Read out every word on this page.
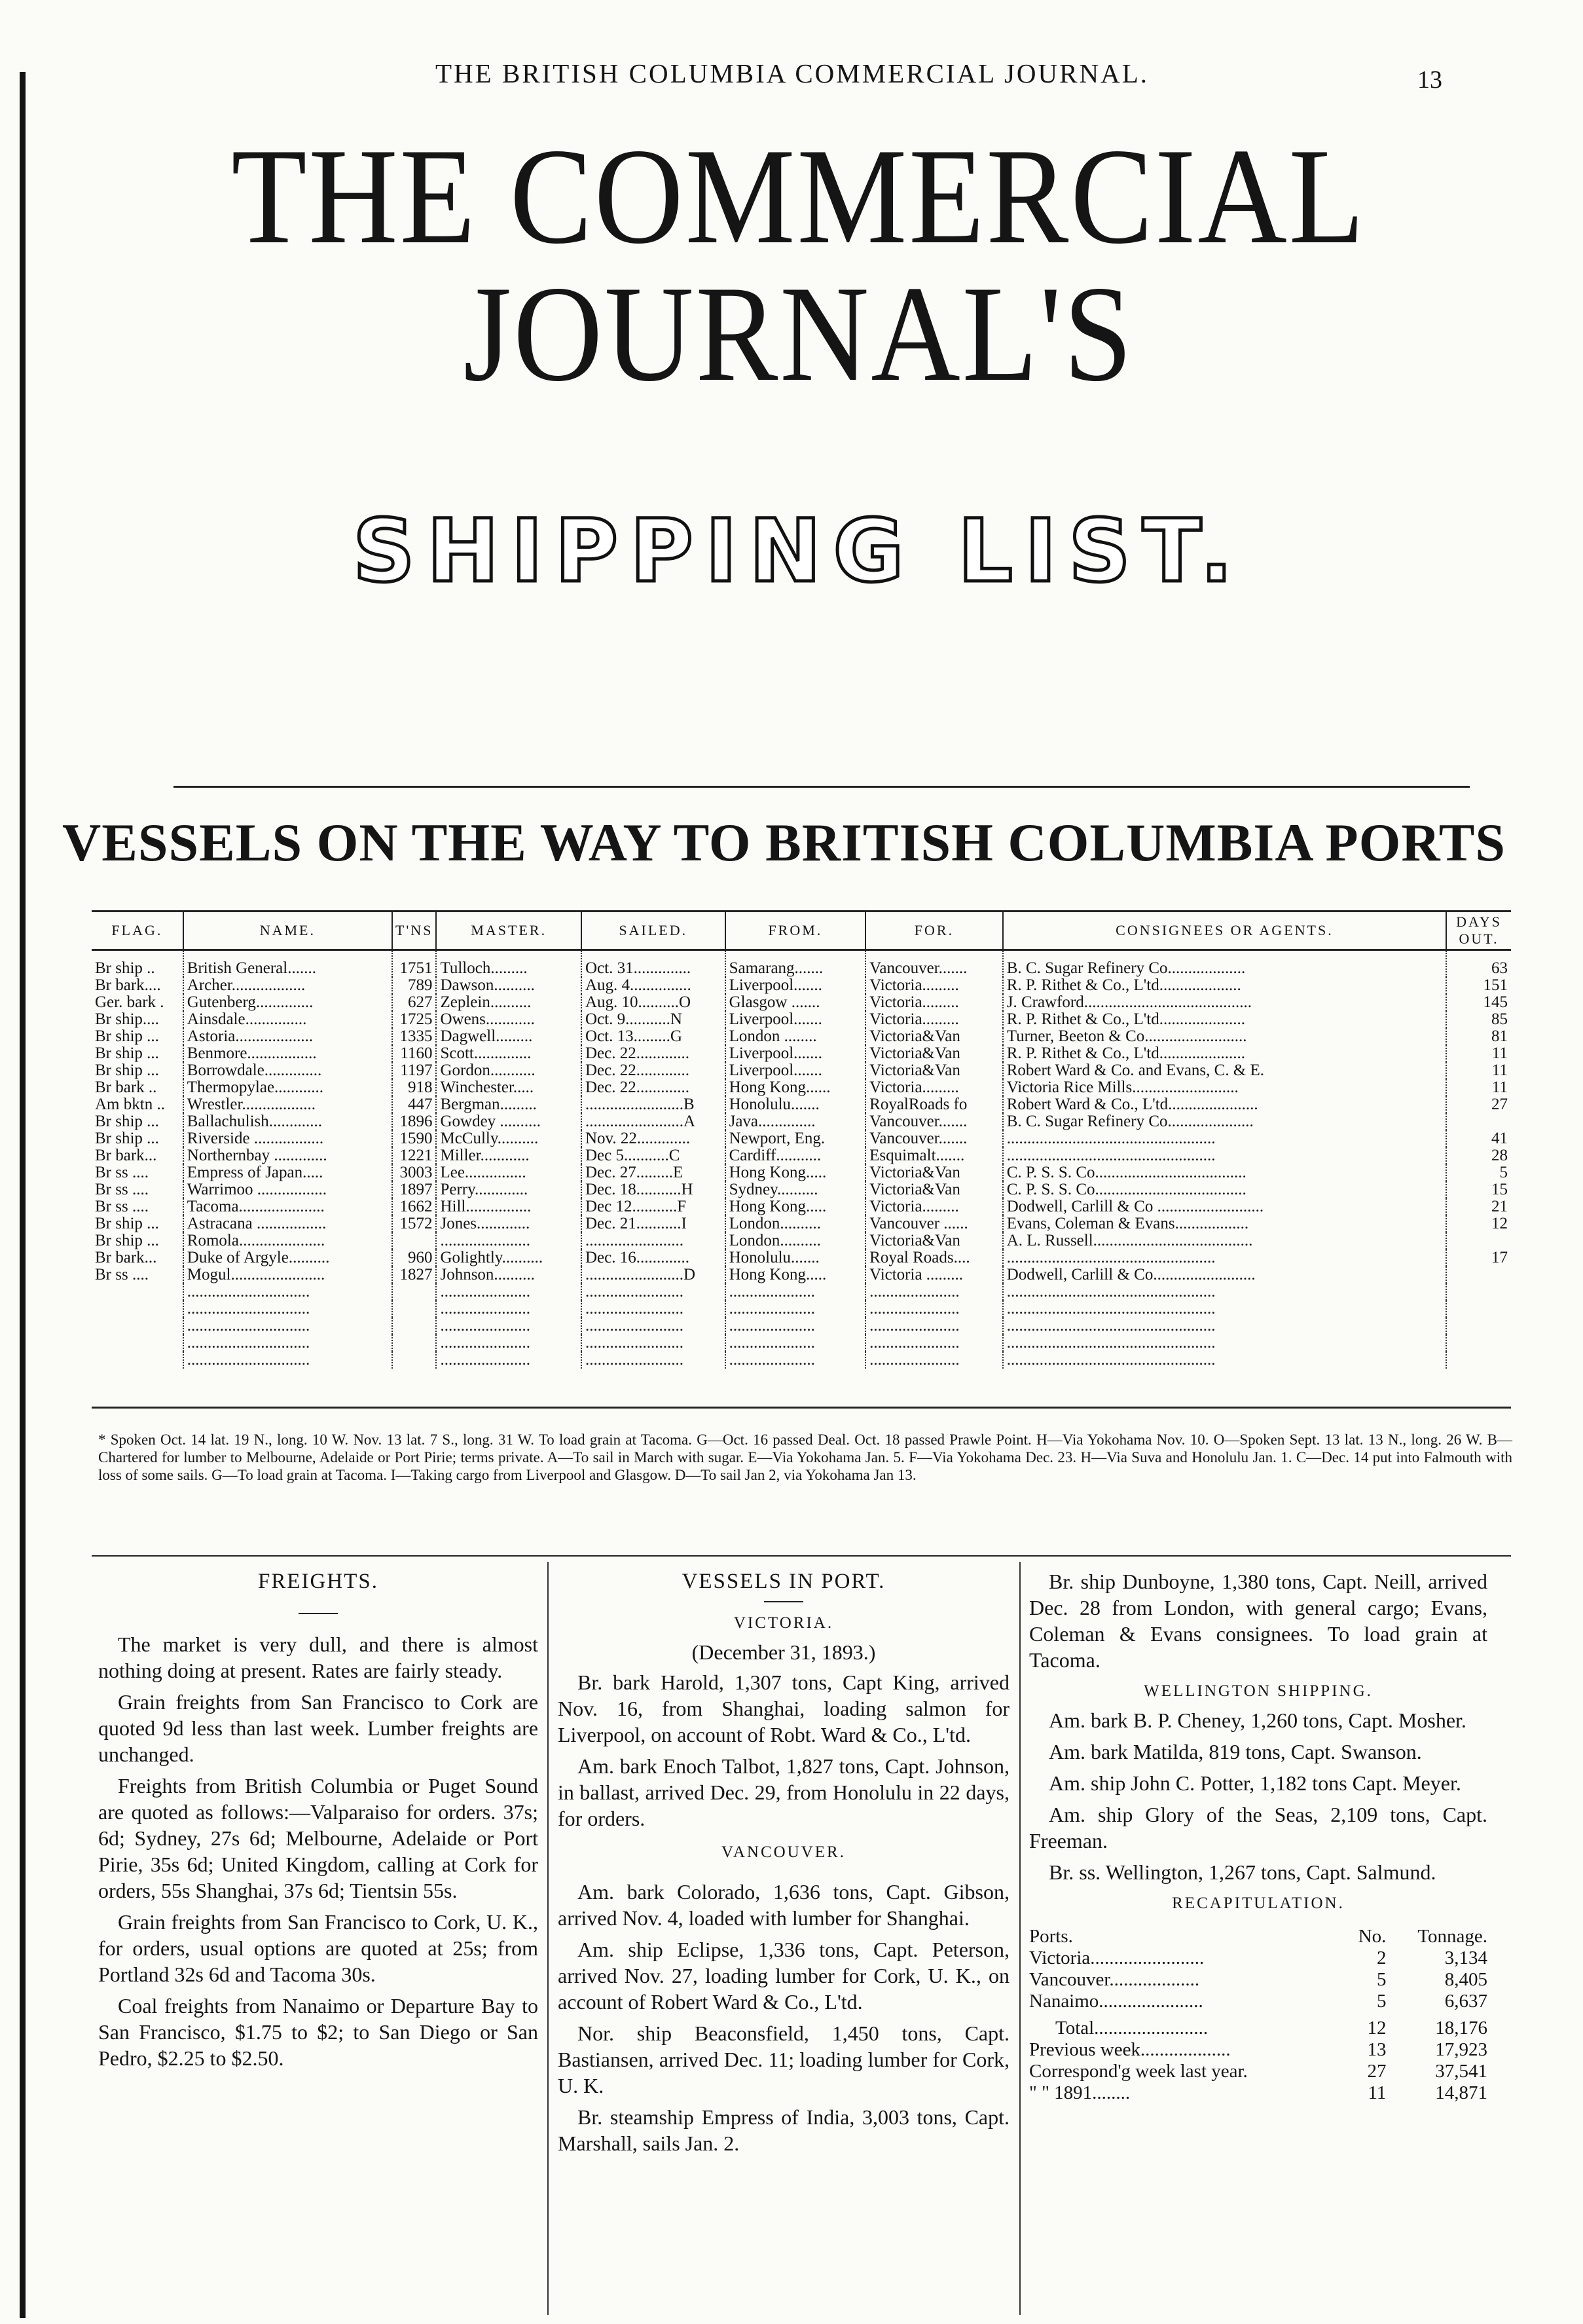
THE BRITISH COLUMBIA COMMERCIAL JOURNAL.	13
THE COMMERCIAL JOURNAL'S
SHIPPING LIST.
VESSELS ON THE WAY TO BRITISH COLUMBIA PORTS
FLAG.	NAME.	T'NS	MASTER.	SAILED.	FROM.	FOR.	CONSIGNEES OR AGENTS.	DAYS OUT.
Br ship ..	British General.......	1751	Tulloch.........	Oct. 31..............	Samarang.......	Vancouver.......	B. C. Sugar Refinery Co...................	63
Br bark....	Archer..................	789	Dawson..........	Aug. 4...............	Liverpool.......	Victoria.........	R. P. Rithet & Co., L'td....................	151
Ger. bark .	Gutenberg..............	627	Zeplein..........	Aug. 10..........O	Glasgow .......	Victoria.........	J. Crawford.........................................	145
Br ship....	Ainsdale...............	1725	Owens............	Oct. 9...........N	Liverpool.......	Victoria.........	R. P. Rithet & Co., L'td.....................	85
Br ship ...	Astoria...................	1335	Dagwell.........	Oct. 13.........G	London ........	Victoria&Van	Turner, Beeton & Co.........................	81
Br ship ...	Benmore.................	1160	Scott..............	Dec. 22.............	Liverpool.......	Victoria&Van	R. P. Rithet & Co., L'td.....................	11
Br ship ...	Borrowdale..............	1197	Gordon...........	Dec. 22.............	Liverpool.......	Victoria&Van	Robert Ward & Co. and Evans, C. & E.	11
Br bark ..	Thermopylae............	918	Winchester.....	Dec. 22.............	Hong Kong......	Victoria.........	Victoria Rice Mills..........................	11
Am bktn ..	Wrestler..................	447	Bergman.........	........................B	Honolulu.......	RoyalRoads fo	Robert Ward & Co., L'td......................	27
Br ship ...	Ballachulish.............	1896	Gowdey ..........	........................A	Java..............	Vancouver.......	B. C. Sugar Refinery Co.....................	
Br ship ...	Riverside .................	1590	McCully..........	Nov. 22.............	Newport, Eng.	Vancouver.......	...................................................	41
Br bark...	Northernbay .............	1221	Miller............	Dec 5...........C	Cardiff...........	Esquimalt.......	...................................................	28
Br ss ....	Empress of Japan.....	3003	Lee...............	Dec. 27.........E	Hong Kong.....	Victoria&Van	C. P. S. S. Co.....................................	5
Br ss ....	Warrimoo .................	1897	Perry.............	Dec. 18...........H	Sydney..........	Victoria&Van	C. P. S. S. Co.....................................	15
Br ss ....	Tacoma.....................	1662	Hill................	Dec 12...........F	Hong Kong.....	Victoria.........	Dodwell, Carlill & Co ..........................	21
Br ship ...	Astracana .................	1572	Jones.............	Dec. 21...........I	London..........	Vancouver ......	Evans, Coleman & Evans..................	12
Br ship ...	Romola.....................		......................	........................	London..........	Victoria&Van	A. L. Russell.......................................	
Br bark...	Duke of Argyle..........	960	Golightly..........	Dec. 16.............	Honolulu.......	Royal Roads....	...................................................	17
Br ss ....	Mogul.......................	1827	Johnson..........	........................D	Hong Kong.....	Victoria .........	Dodwell, Carlill & Co.........................	
	..............................		......................	........................	.....................	......................	...................................................	
	..............................		......................	........................	.....................	......................	...................................................	
	..............................		......................	........................	.....................	......................	...................................................	
	..............................		......................	........................	.....................	......................	...................................................	
	..............................		......................	........................	.....................	......................	...................................................	
* Spoken Oct. 14 lat. 19 N., long. 10 W. Nov. 13 lat. 7 S., long. 31 W. To load grain at Tacoma. G—Oct. 16 passed Deal. Oct. 18 passed Prawle Point. H—Via Yokohama Nov. 10. O—Spoken Sept. 13 lat. 13 N., long. 26 W. B—Chartered for lumber to Melbourne, Adelaide or Port Pirie; terms private. A—To sail in March with sugar. E—Via Yokohama Jan. 5. F—Via Yokohama Dec. 23. H—Via Suva and Honolulu Jan. 1. C—Dec. 14 put into Falmouth with loss of some sails. G—To load grain at Tacoma. I—Taking cargo from Liverpool and Glasgow. D—To sail Jan 2, via Yokohama Jan 13.
FREIGHTS.

The market is very dull, and there is almost nothing doing at present. Rates are fairly steady.

Grain freights from San Francisco to Cork are quoted 9d less than last week. Lumber freights are unchanged.

Freights from British Columbia or Puget Sound are quoted as follows:—Valparaiso for orders. 37s; 6d; Sydney, 27s 6d; Melbourne, Adelaide or Port Pirie, 35s 6d; United Kingdom, calling at Cork for orders, 55s Shanghai, 37s 6d; Tientsin 55s.

Grain freights from San Francisco to Cork, U. K., for orders, usual options are quoted at 25s; from Portland 32s 6d and Tacoma 30s.

Coal freights from Nanaimo or Departure Bay to San Francisco, $1.75 to $2; to San Diego or San Pedro, $2.25 to $2.50.

VESSELS IN PORT.
VICTORIA.
(December 31, 1893.)

Br. bark Harold, 1,307 tons, Capt King, arrived Nov. 16, from Shanghai, loading salmon for Liverpool, on account of Robt. Ward & Co., L'td.

Am. bark Enoch Talbot, 1,827 tons, Capt. Johnson, in ballast, arrived Dec. 29, from Honolulu in 22 days, for orders.

VANCOUVER.

Am. bark Colorado, 1,636 tons, Capt. Gibson, arrived Nov. 4, loaded with lumber for Shanghai.

Am. ship Eclipse, 1,336 tons, Capt. Peterson, arrived Nov. 27, loading lumber for Cork, U. K., on account of Robert Ward & Co., L'td.

Nor. ship Beaconsfield, 1,450 tons, Capt. Bastiansen, arrived Dec. 11; loading lumber for Cork, U. K.

Br. steamship Empress of India, 3,003 tons, Capt. Marshall, sails Jan. 2.

Br. ship Dunboyne, 1,380 tons, Capt. Neill, arrived Dec. 28 from London, with general cargo; Evans, Coleman & Evans consignees. To load grain at Tacoma.

WELLINGTON SHIPPING.

Am. bark B. P. Cheney, 1,260 tons, Capt. Mosher.

Am. bark Matilda, 819 tons, Capt. Swanson.

Am. ship John C. Potter, 1,182 tons Capt. Meyer.

Am. ship Glory of the Seas, 2,109 tons, Capt. Freeman.

Br. ss. Wellington, 1,267 tons, Capt. Salmund.

RECAPITULATION.
Ports.	No.	Tonnage.
Victoria........................	2	3,134
Vancouver...................	5	8,405
Nanaimo......................	5	6,637
Total........................	12	18,176
Previous week...................	13	17,923
Correspond'g week last year.	27	37,541
" " 1891........	11	14,871
